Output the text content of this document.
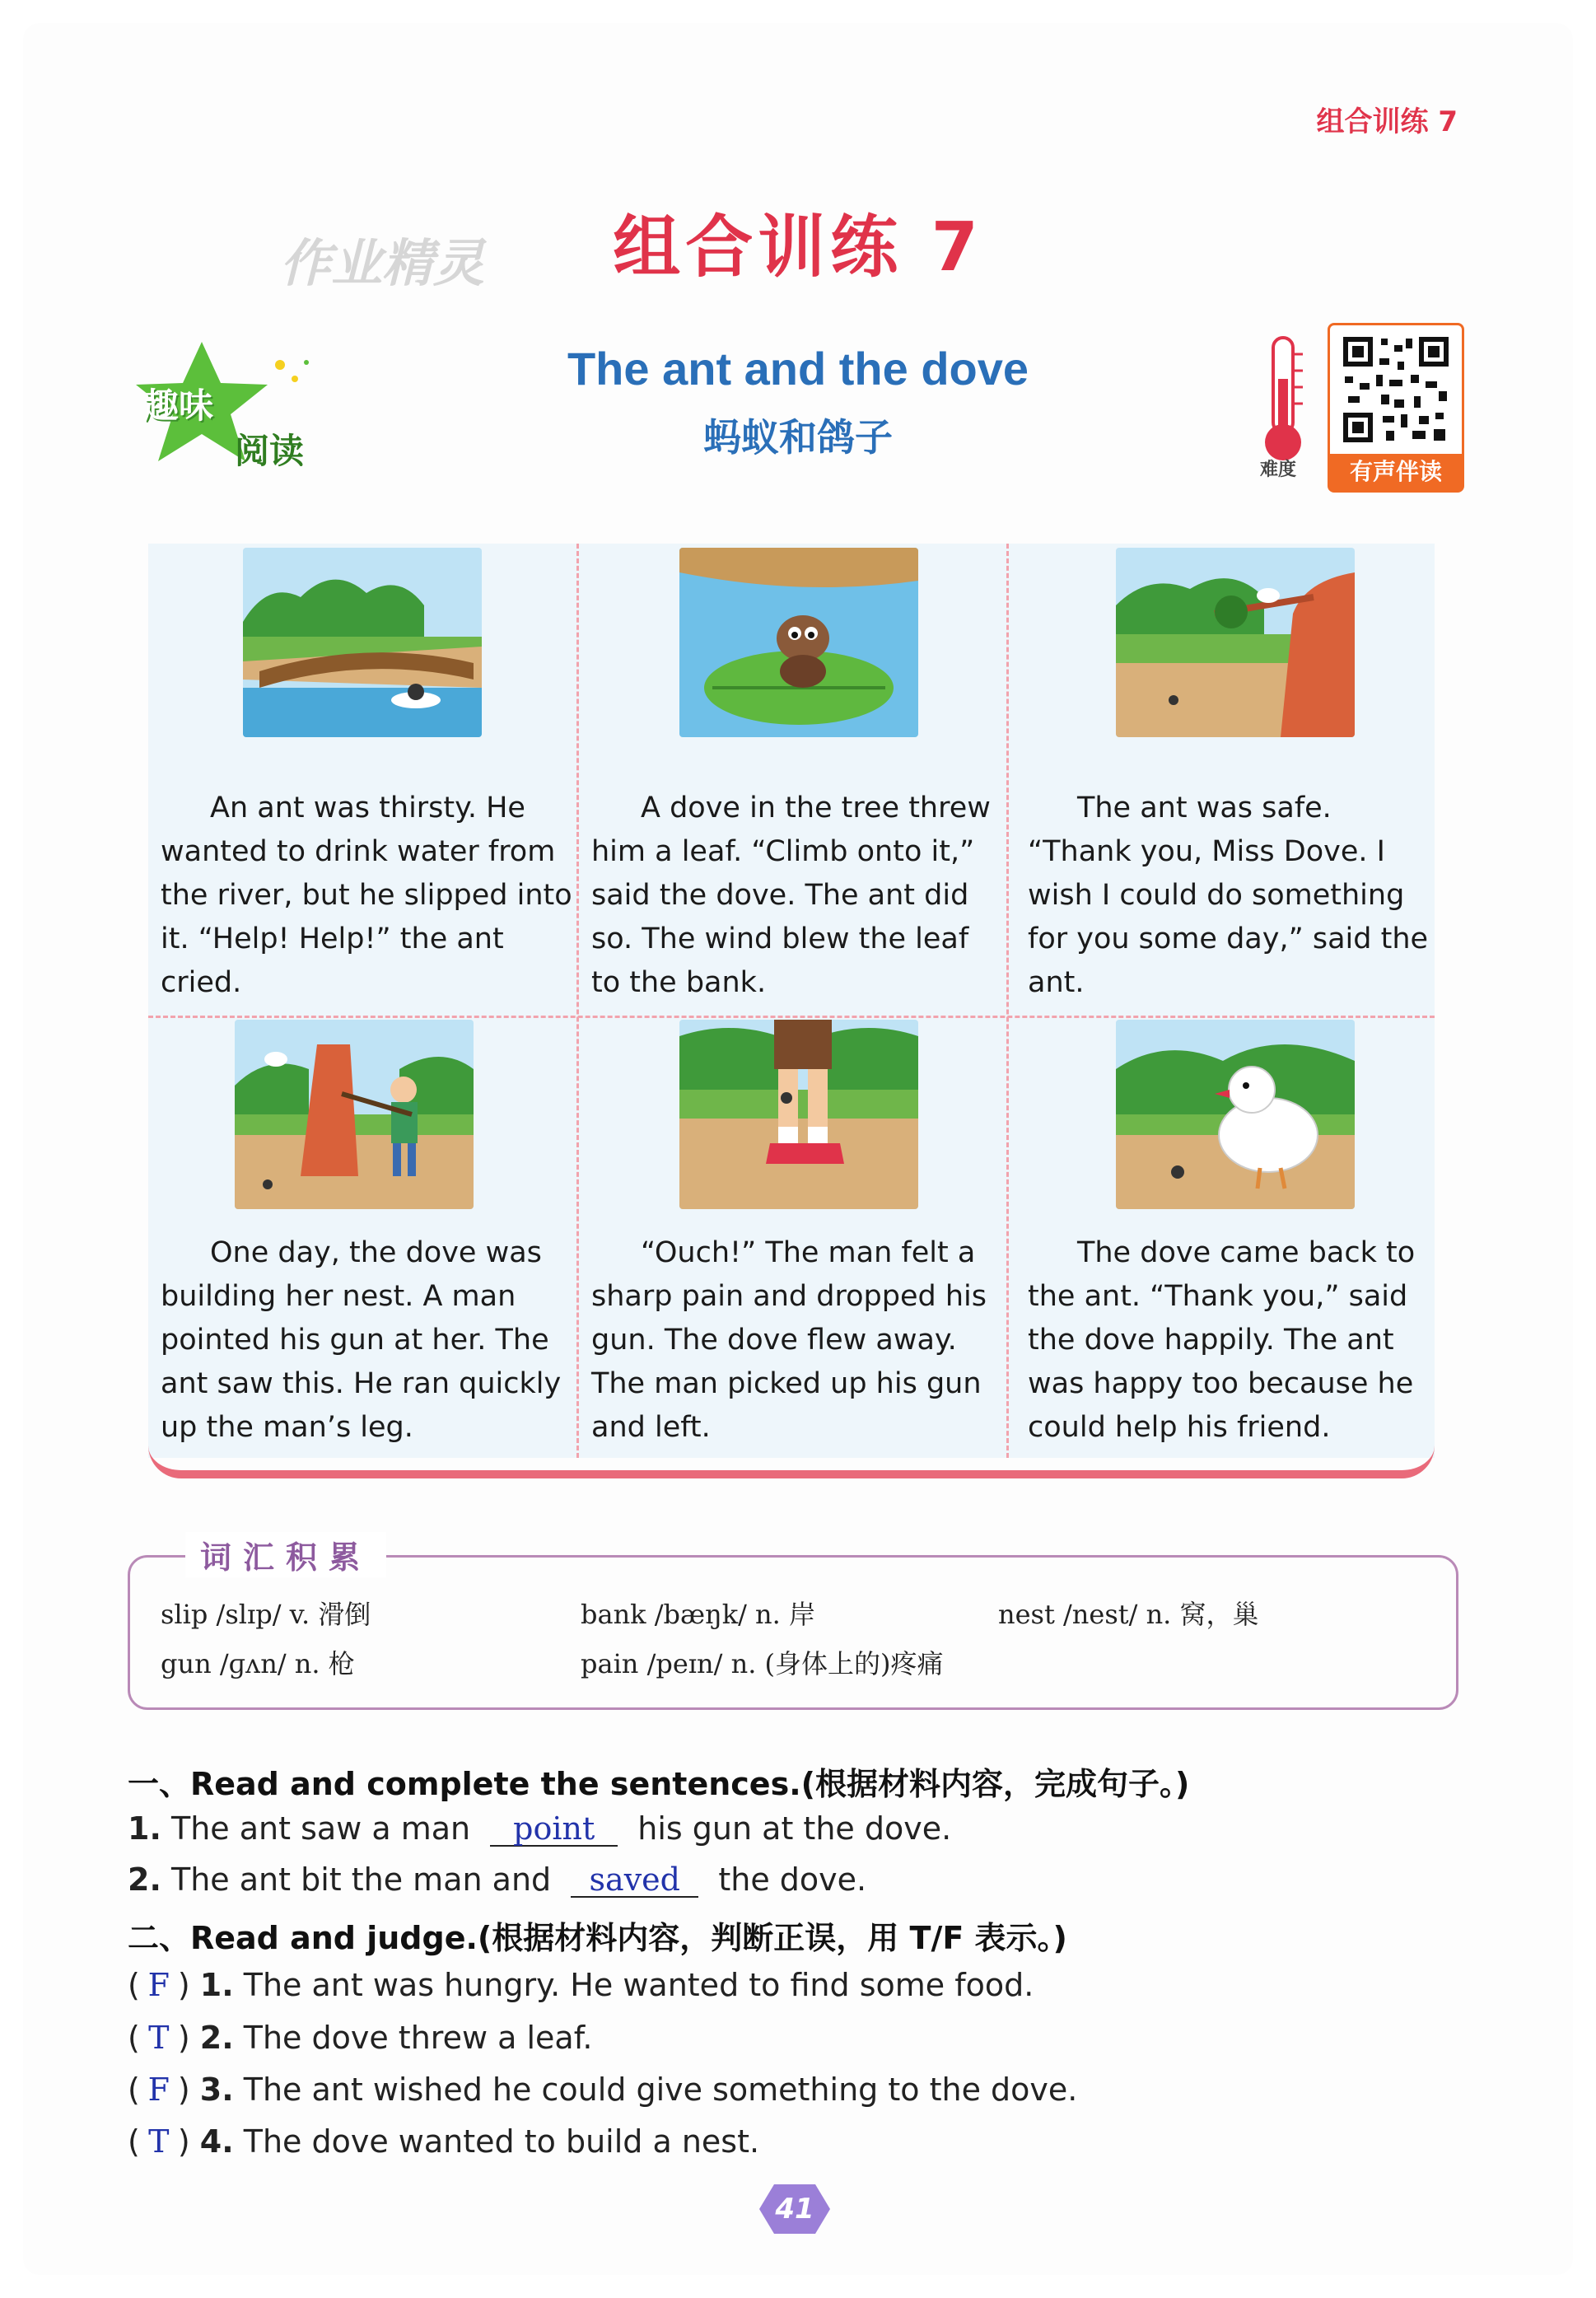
组合训练 7
组合训练 7
作业精灵
趣味
阅读
The ant and the dove
蚂蚁和鸽子
难度	有声伴读
An ant was thirsty. He wanted to drink water from the river, but he slipped into it. “Help! Help!” the ant cried.
A dove in the tree threw him a leaf. “Climb onto it,” said the dove. The ant did so. The wind blew the leaf to the bank.
The ant was safe. “Thank you, Miss Dove. I wish I could do something for you some day,” said the ant.
One day, the dove was building her nest. A man pointed his gun at her. The ant saw this. He ran quickly up the man’s leg.
“Ouch!” The man felt a sharp pain and dropped his gun. The dove flew away. The man picked up his gun and left.
The dove came back to the ant. “Thank you,” said the dove happily. The ant was happy too because he could help his friend.
词汇积累
slip /slɪp/ v. 滑倒	bank /bæŋk/ n. 岸	nest /nest/ n. 窝，巢
gun /ɡʌn/ n. 枪	pain /peɪn/ n. (身体上的)疼痛
一、Read and complete the sentences.(根据材料内容，完成句子。)
1. The ant saw a man point his gun at the dove.
2. The ant bit the man and saved the dove.
二、Read and judge.(根据材料内容，判断正误，用 T/F 表示。)
( F ) 1. The ant was hungry. He wanted to find some food.
( T ) 2. The dove threw a leaf.
( F ) 3. The ant wished he could give something to the dove.
( T ) 4. The dove wanted to build a nest.
41
